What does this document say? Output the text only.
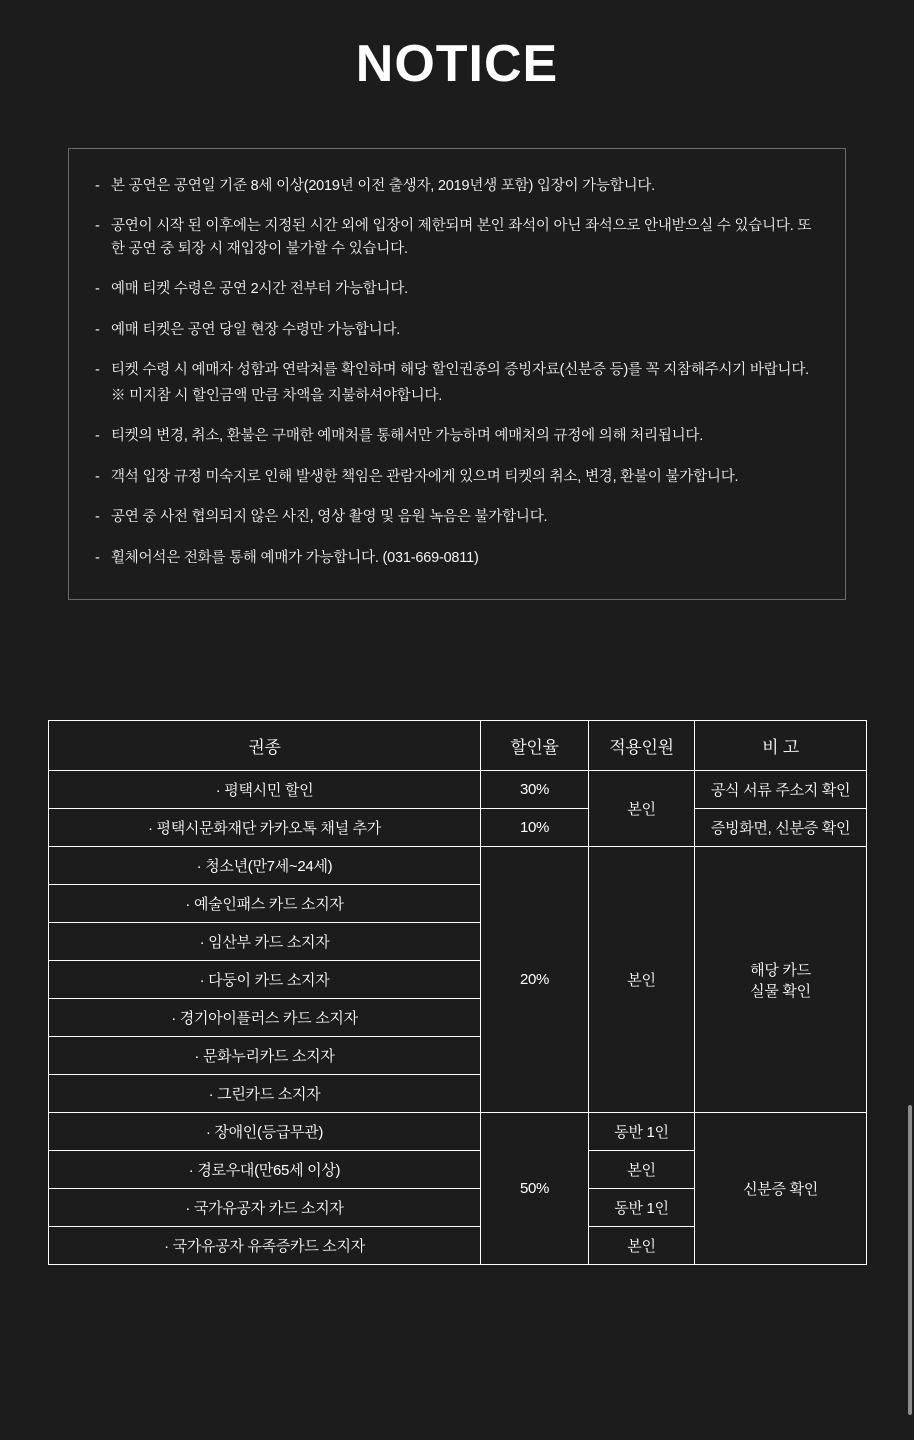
NOTICE
- 본 공연은 공연일 기준 8세 이상(2019년 이전 출생자, 2019년생 포함) 입장이 가능합니다.
- 공연이 시작 된 이후에는 지정된 시간 외에 입장이 제한되며 본인 좌석이 아닌 좌석으로 안내받으실 수 있습니다. 또한 공연 중 퇴장 시 재입장이 불가할 수 있습니다.
- 예매 티켓 수령은 공연 2시간 전부터 가능합니다.
- 예매 티켓은 공연 당일 현장 수령만 가능합니다.
- 티켓 수령 시 예매자 성함과 연락처를 확인하며 해당 할인권종의 증빙자료(신분증 등)를 꼭 지참해주시기 바랍니다.
※ 미지참 시 할인금액 만큼 차액을 지불하셔야합니다.
- 티켓의 변경, 취소, 환불은 구매한 예매처를 통해서만 가능하며 예매처의 규정에 의해 처리됩니다.
- 객석 입장 규정 미숙지로 인해 발생한 책임은 관람자에게 있으며 티켓의 취소, 변경, 환불이 불가합니다.
- 공연 중 사전 협의되지 않은 사진, 영상 촬영 및 음원 녹음은 불가합니다.
- 휠체어석은 전화를 통해 예매가 가능합니다. (031-669-0811)
권종	할인율	적용인원	비 고
· 평택시민 할인	30%	본인	공식 서류 주소지 확인
· 평택시문화재단 카카오톡 채널 추가	10%		증빙화면, 신분증 확인
· 청소년(만7세~24세)	20%	본인	해당 카드
실물 확인
· 예술인패스 카드 소지자			
· 임산부 카드 소지자			
· 다둥이 카드 소지자			
· 경기아이플러스 카드 소지자			
· 문화누리카드 소지자			
· 그린카드 소지자			
· 장애인(등급무관)	50%	동반 1인	신분증 확인
· 경로우대(만65세 이상)		본인	
· 국가유공자 카드 소지자		동반 1인	
· 국가유공자 유족증카드 소지자		본인	
